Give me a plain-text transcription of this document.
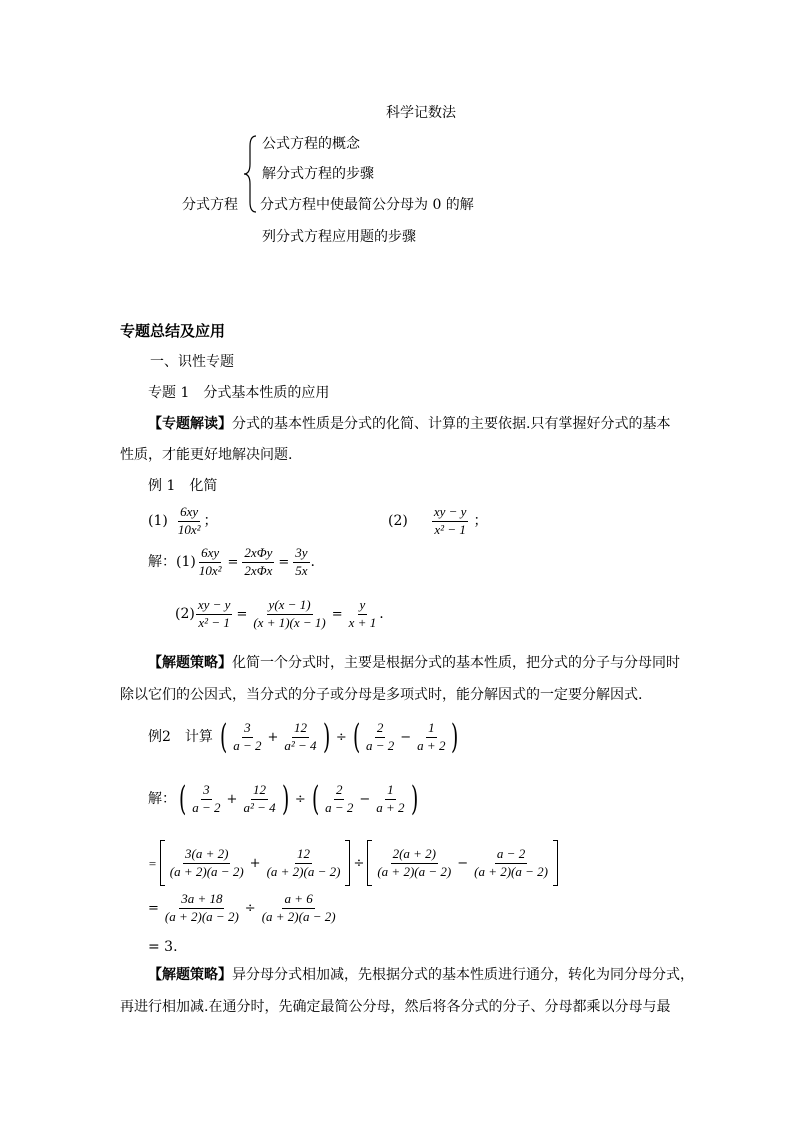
科学记数法
公式方程的概念
解分式方程的步骤
分式方程 分式方程中使最简公分母为 0 的解
列分式方程应用题的步骤
专题总结及应用
一、识性专题
专题 1　分式基本性质的应用
【专题解读】分式的基本性质是分式的化简、计算的主要依据.只有掌握好分式的基本
性质，才能更好地解决问题.
例 1　化简
$(1) \frac{6xy}{\text{10x²}}$ ；	$(2) \frac{xy - y}{\text{x² − 1}}$ ；
解： $(1) \frac{6xy}{\text{10x²}} = \frac{\text{2xΦy}}{\text{2xΦx}} = \frac{3y}{5x}$ .
$(2) \frac{xy - y}{\text{x² − 1}} = \frac{y(x - 1)}{(x + 1)(x - 1)} = \frac{y}{x + 1}$ .
【解题策略】化简一个分式时，主要是根据分式的基本性质，把分式的分子与分母同时
除以它们的公因式，当分式的分子或分母是多项式时，能分解因式的一定要分解因式.
例2　计算 ( $\frac{3}{a - 2} + \frac{12}{\text{a² − 4}}$ ) ÷ ( $\frac{2}{a - 2} - \frac{1}{a + 2}$ )
解： ( $\frac{3}{a - 2} + \frac{12}{\text{a² − 4}}$ ) ÷ ( $\frac{2}{a - 2} - \frac{1}{a + 2}$ )
= $\frac{3(a + 2)}{(a + 2)(a - 2)} + \frac{12}{(a + 2)(a - 2)} \div \frac{2(a + 2)}{(a + 2)(a - 2)} - \frac{a - 2}{(a + 2)(a - 2)}$
= $\frac{3a + 18}{(a + 2)(a - 2)} \div \frac{a + 6}{(a + 2)(a - 2)}$
= 3.
【解题策略】异分母分式相加减，先根据分式的基本性质进行通分，转化为同分母分式，
再进行相加减.在通分时，先确定最简公分母，然后将各分式的分子、分母都乘以分母与最
